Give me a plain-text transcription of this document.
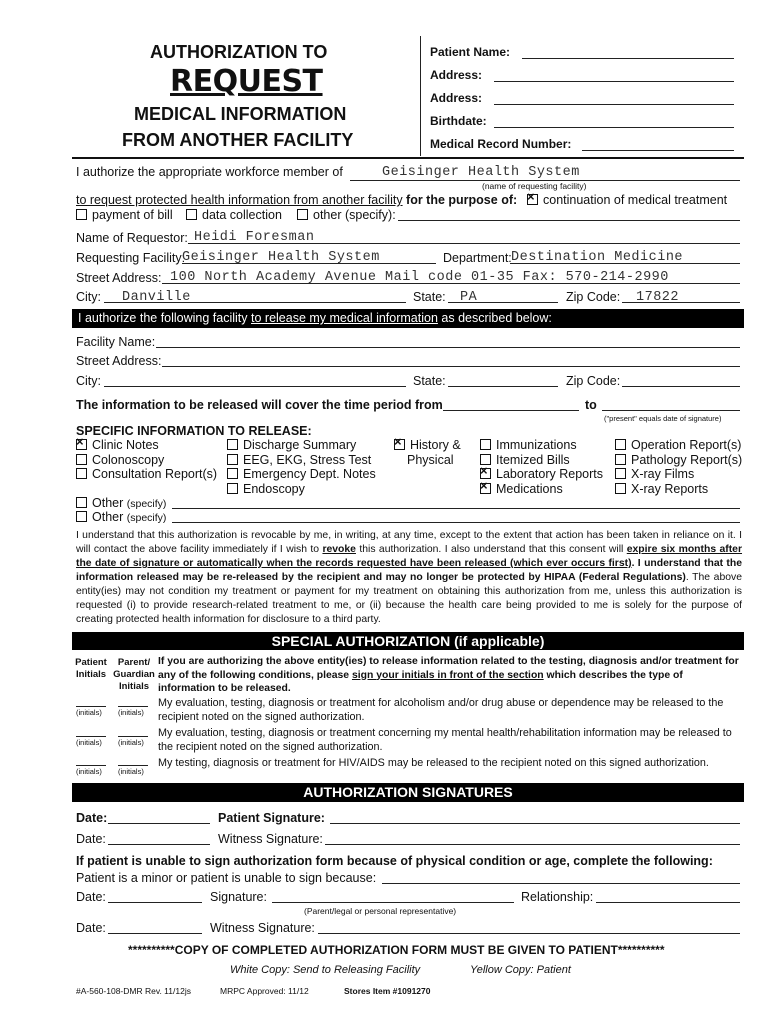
AUTHORIZATION TO
REQUEST
MEDICAL INFORMATION
FROM ANOTHER FACILITY
Patient Name:
Address:
Address:
Birthdate:
Medical Record Number:
I authorize the appropriate workforce member of	Geisinger Health System
(name of requesting facility)
to request protected health information from another facility for the purpose of:
×	continuation of medical treatment
payment of bill	data collection	other (specify):
Name of Requestor: Heidi Foresman
Requesting Facility:
Geisinger Health System	Department: Destination Medicine
Street Address: 100 North Academy Avenue Mail code 01-35 Fax: 570-214-2990
City: Danville	State: PA	Zip Code: 17822
I authorize the following facility to release my medical information as described below:
Facility Name:
Street Address:
City:	State:	Zip Code:
The information to be released will cover the time period from	to
("present" equals date of signature)
SPECIFIC INFORMATION TO RELEASE:
×Clinic Notes
Colonoscopy
Consultation Report(s)
Discharge Summary
EEG, EKG, Stress Test
Emergency Dept. Notes
Endoscopy
×History &
Physical
Immunizations
Itemized Bills
×Laboratory Reports
×Medications
Operation Report(s)
Pathology Report(s)
X-ray Films
X-ray Reports
Other (specify)
Other (specify)
I understand that this authorization is revocable by me, in writing, at any time, except to the extent that action has been taken in reliance on it. I will contact the above facility immediately if I wish to revoke this authorization. I also understand that this consent will expire six months after the date of signature or automatically when the records requested have been released (which ever occurs first). I understand that the information released may be re-released by the recipient and may no longer be protected by HIPAA (Federal Regulations). The above entity(ies) may not condition my treatment or payment for my treatment on obtaining this authorization from me, unless this authorization is requested (i) to provide research-related treatment to me, or (ii) because the health care being provided to me is solely for the purpose of creating protected health information for disclosure to a third party.
SPECIAL AUTHORIZATION (if applicable)
Patient Initials
Parent/ Guardian Initials
If you are authorizing the above entity(ies) to release information related to the testing, diagnosis and/or treatment for any of the following conditions, please sign your initials in front of the section which describes the type of information to be released.
(initials) (initials)
My evaluation, testing, diagnosis or treatment for alcoholism and/or drug abuse or dependence may be released to the recipient noted on the signed authorization.
(initials) (initials)
My evaluation, testing, diagnosis or treatment concerning my mental health/rehabilitation information may be released to the recipient noted on the signed authorization.
(initials) (initials)
My testing, diagnosis or treatment for HIV/AIDS may be released to the recipient noted on this signed authorization.
AUTHORIZATION SIGNATURES
Date:	Patient Signature:
Date:	Witness Signature:
If patient is unable to sign authorization form because of physical condition or age, complete the following:
Patient is a minor or patient is unable to sign because:
Date:	Signature:	Relationship:
(Parent/legal or personal representative)
Date:	Witness Signature:
**********COPY OF COMPLETED AUTHORIZATION FORM MUST BE GIVEN TO PATIENT**********
White Copy: Send to Releasing Facility	Yellow Copy: Patient
#A-560-108-DMR Rev. 11/12js	MRPC Approved: 11/12	Stores Item #1091270
